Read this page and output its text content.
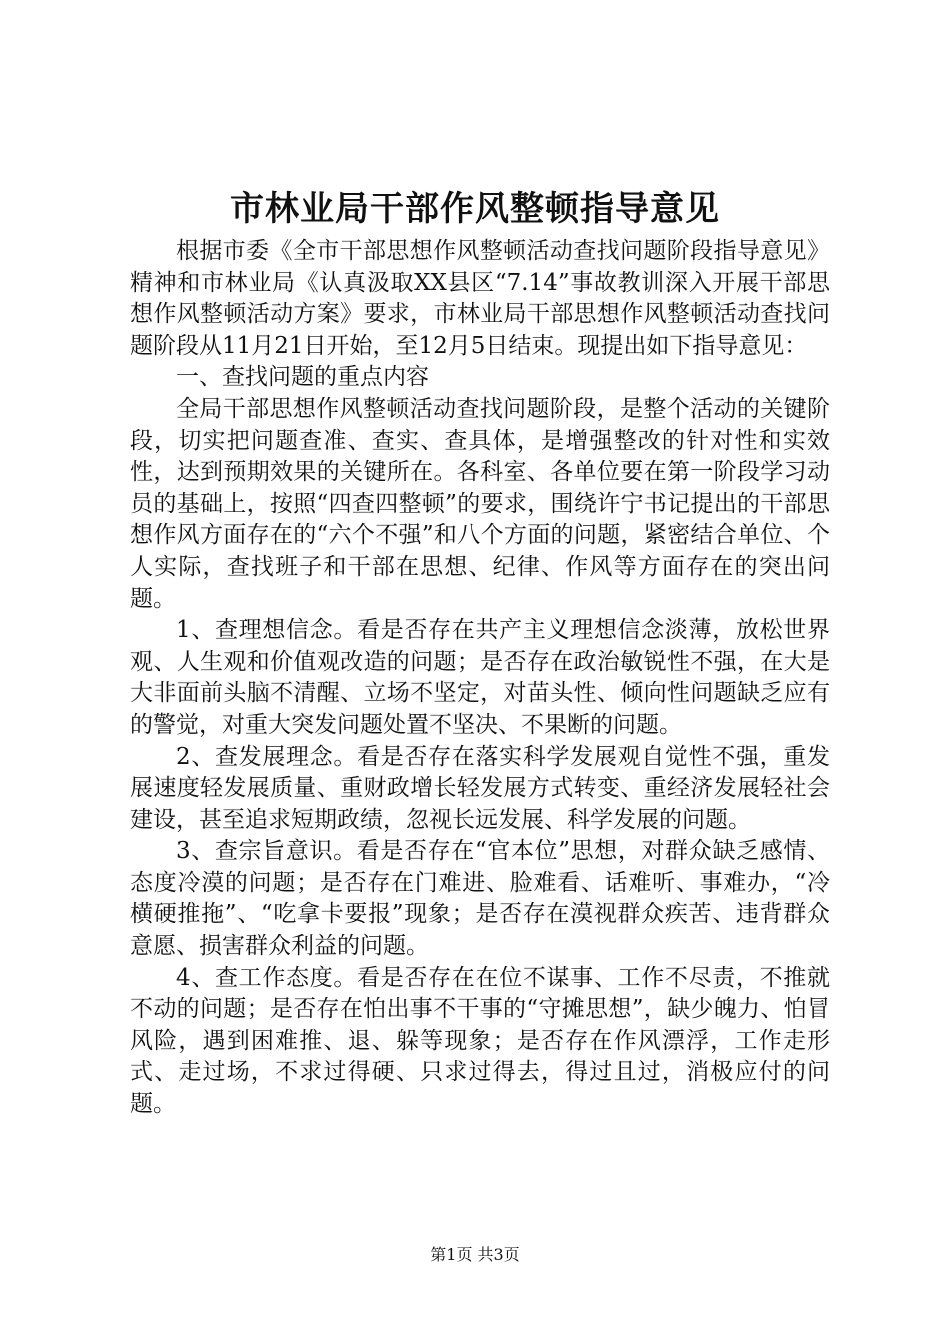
市林业局干部作风整顿指导意见

根据市委《全市干部思想作风整顿活动查找问题阶段指导意见》精神和市林业局《认真汲取XX县区“7.14”事故教训深入开展干部思想作风整顿活动方案》要求，市林业局干部思想作风整顿活动查找问题阶段从11月21日开始，至12月5日结束。现提出如下指导意见：

一、查找问题的重点内容

全局干部思想作风整顿活动查找问题阶段，是整个活动的关键阶段，切实把问题查准、查实、查具体，是增强整改的针对性和实效性，达到预期效果的关键所在。各科室、各单位要在第一阶段学习动员的基础上，按照“四查四整顿”的要求，围绕许宁书记提出的干部思想作风方面存在的“六个不强”和八个方面的问题，紧密结合单位、个人实际，查找班子和干部在思想、纪律、作风等方面存在的突出问题。

1、查理想信念。看是否存在共产主义理想信念淡薄，放松世界观、人生观和价值观改造的问题；是否存在政治敏锐性不强，在大是大非面前头脑不清醒、立场不坚定，对苗头性、倾向性问题缺乏应有的警觉，对重大突发问题处置不坚决、不果断的问题。

2、查发展理念。看是否存在落实科学发展观自觉性不强，重发展速度轻发展质量、重财政增长轻发展方式转变、重经济发展轻社会建设，甚至追求短期政绩，忽视长远发展、科学发展的问题。

3、查宗旨意识。看是否存在“官本位”思想，对群众缺乏感情、态度冷漠的问题；是否存在门难进、脸难看、话难听、事难办，“冷横硬推拖”、“吃拿卡要报”现象；是否存在漠视群众疾苦、违背群众意愿、损害群众利益的问题。

4、查工作态度。看是否存在在位不谋事、工作不尽责，不推就不动的问题；是否存在怕出事不干事的“守摊思想”，缺少魄力、怕冒风险，遇到困难推、退、躲等现象；是否存在作风漂浮，工作走形式、走过场，不求过得硬、只求过得去，得过且过，消极应付的问题。

第1页 共3页
